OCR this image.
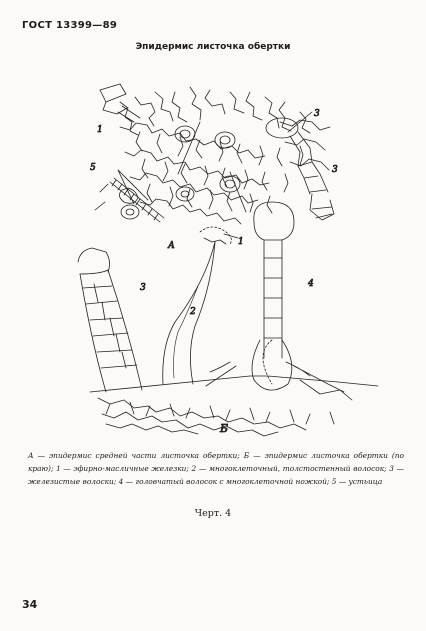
ГОСТ 13399—89
Эпидермис листочка обертки
1
1
2
3
3
3	4
5
А
Б
А — эпидермис средней части листочка обертки; Б — эпидермис листочка обертки (по краю); 1 — эфирно-масличные железки; 2 — многоклеточный, толстостенный волосок; 3 — железистые волоски; 4 — головчатый волосок с многоклеточной ножкой; 5 — устьица
Черт. 4
34
